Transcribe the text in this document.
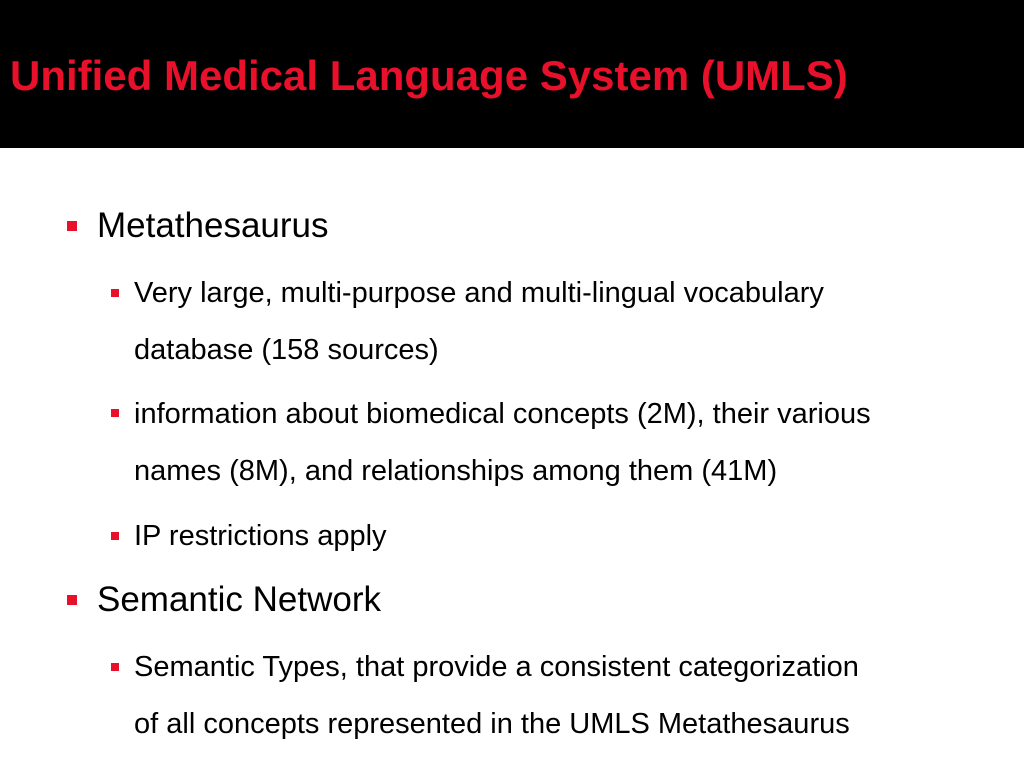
Unified Medical Language System (UMLS)

Metathesaurus

Very large, multi-purpose and multi-lingual vocabulary

database (158 sources)

information about biomedical concepts (2M), their various

names (8M), and relationships among them (41M)

IP restrictions apply

Semantic Network

Semantic Types, that provide a consistent categorization

of all concepts represented in the UMLS Metathesaurus
